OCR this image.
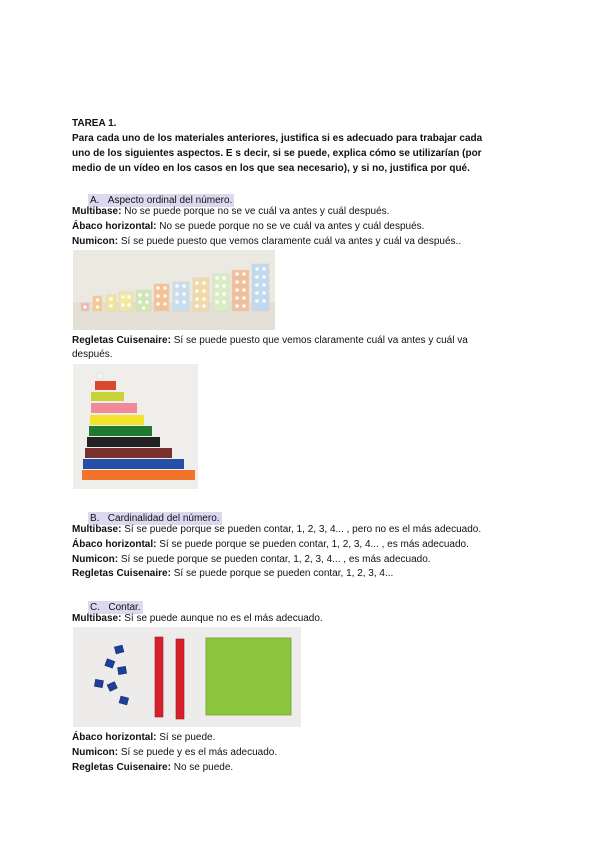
TAREA 1.
Para cada uno de los materiales anteriores, justifica si es adecuado para trabajar cada
uno de los siguientes aspectos. E s decir, si se puede, explica cómo se utilizarían (por
medio de un vídeo en los casos en los que sea necesario), y si no, justifica por qué.
A. Aspecto ordinal del número.
Multibase: No se puede porque no se ve cuál va antes y cuál después.
Ábaco horizontal: No se puede porque no se ve cuál va antes y cuál después.
Numicon: Sí se puede puesto que vemos claramente cuál va antes y cuál va después..
Regletas Cuisenaire: Sí se puede puesto que vemos claramente cuál va antes y cuál va
después.
B. Cardinalidad del número.
Multibase: Sí se puede porque se pueden contar, 1, 2, 3, 4... , pero no es el más adecuado.
Ábaco horizontal: Sí se puede porque se pueden contar, 1, 2, 3, 4... , es más adecuado.
Numicon: Sí se puede porque se pueden contar, 1, 2, 3, 4... , es más adecuado.
Regletas Cuisenaire: Sí se puede porque se pueden contar, 1, 2, 3, 4...
C. Contar.
Multibase: Sí se puede aunque no es el más adecuado.
Ábaco horizontal: Sí se puede.
Numicon: Sí se puede y es el más adecuado.
Regletas Cuisenaire: No se puede.
